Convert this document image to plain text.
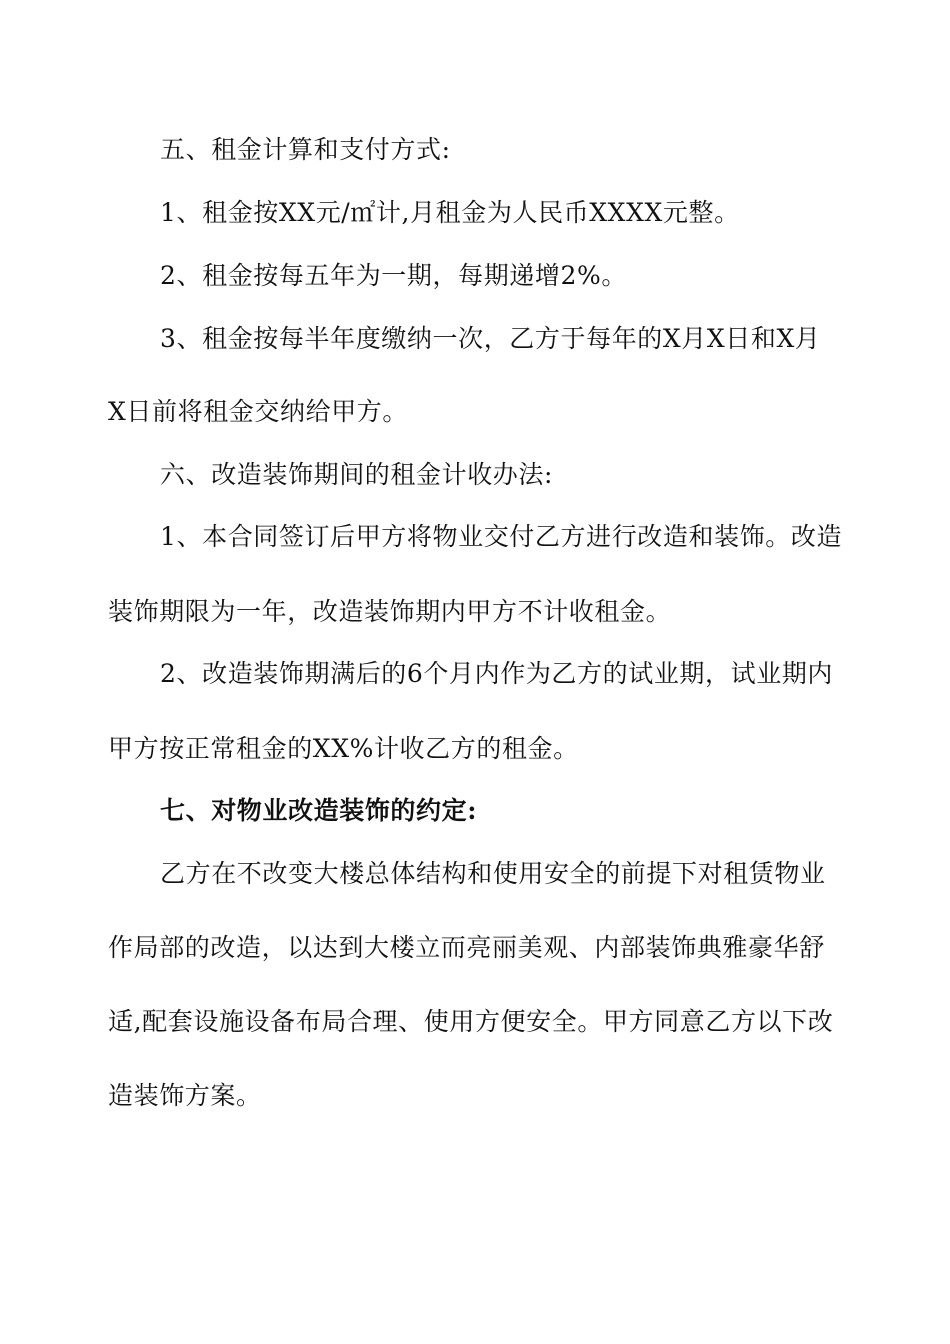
五、租金计算和支付方式:
1、租金按XX元/㎡计,月租金为人民币XXXX元整。
2、租金按每五年为一期，每期递增2%。
3、租金按每半年度缴纳一次，乙方于每年的X月X日和X月
X日前将租金交纳给甲方。
六、改造装饰期间的租金计收办法:
1、本合同签订后甲方将物业交付乙方进行改造和装饰。改造
装饰期限为一年，改造装饰期内甲方不计收租金。
2、改造装饰期满后的6个月内作为乙方的试业期，试业期内
甲方按正常租金的XX%计收乙方的租金。
七、对物业改造装饰的约定:
乙方在不改变大楼总体结构和使用安全的前提下对租赁物业
作局部的改造，以达到大楼立而亮丽美观、内部装饰典雅豪华舒
适,配套设施设备布局合理、使用方便安全。甲方同意乙方以下改
造装饰方案。
